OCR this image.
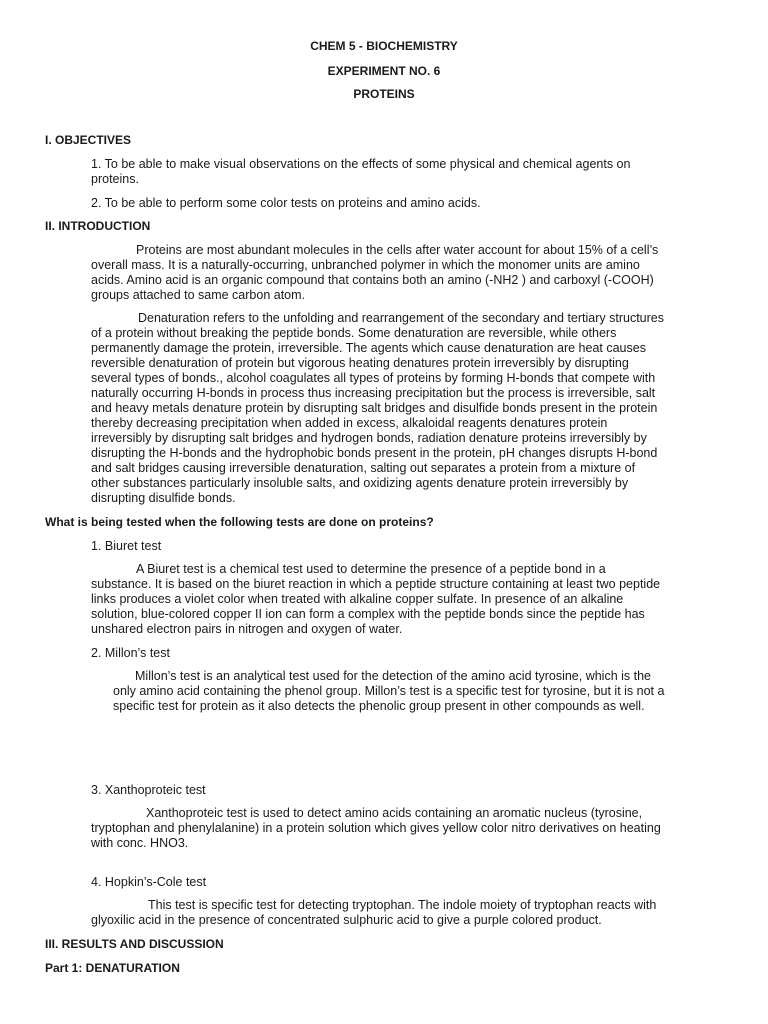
CHEM 5 - BIOCHEMISTRY
EXPERIMENT NO. 6
PROTEINS
I. OBJECTIVES
1. To be able to make visual observations on the effects of some physical and chemical agents on
proteins.
2. To be able to perform some color tests on proteins and amino acids.
II. INTRODUCTION
Proteins are most abundant molecules in the cells after water account for about 15% of a cell’s
overall mass. It is a naturally-occurring, unbranched polymer in which the monomer units are amino
acids. Amino acid is an organic compound that contains both an amino (-NH2 ) and carboxyl (-COOH)
groups attached to same carbon atom.
Denaturation refers to the unfolding and rearrangement of the secondary and tertiary structures
of a protein without breaking the peptide bonds. Some denaturation are reversible, while others
permanently damage the protein, irreversible. The agents which cause denaturation are heat causes
reversible denaturation of protein but vigorous heating denatures protein irreversibly by disrupting
several types of bonds., alcohol coagulates all types of proteins by forming H-bonds that compete with
naturally occurring H-bonds in process thus increasing precipitation but the process is irreversible, salt
and heavy metals denature protein by disrupting salt bridges and disulfide bonds present in the protein
thereby decreasing precipitation when added in excess, alkaloidal reagents denatures protein
irreversibly by disrupting salt bridges and hydrogen bonds, radiation denature proteins irreversibly by
disrupting the H-bonds and the hydrophobic bonds present in the protein, pH changes disrupts H-bond
and salt bridges causing irreversible denaturation, salting out separates a protein from a mixture of
other substances particularly insoluble salts, and oxidizing agents denature protein irreversibly by
disrupting disulfide bonds.
What is being tested when the following tests are done on proteins?
1. Biuret test
A Biuret test is a chemical test used to determine the presence of a peptide bond in a
substance. It is based on the biuret reaction in which a peptide structure containing at least two peptide
links produces a violet color when treated with alkaline copper sulfate. In presence of an alkaline
solution, blue-colored copper II ion can form a complex with the peptide bonds since the peptide has
unshared electron pairs in nitrogen and oxygen of water.
2. Millon’s test
Millon’s test is an analytical test used for the detection of the amino acid tyrosine, which is the
only amino acid containing the phenol group. Millon’s test is a specific test for tyrosine, but it is not a
specific test for protein as it also detects the phenolic group present in other compounds as well.
3. Xanthoproteic test
Xanthoproteic test is used to detect amino acids containing an aromatic nucleus (tyrosine,
tryptophan and phenylalanine) in a protein solution which gives yellow color nitro derivatives on heating
with conc. HNO3.
4. Hopkin’s-Cole test
This test is specific test for detecting tryptophan. The indole moiety of tryptophan reacts with
glyoxilic acid in the presence of concentrated sulphuric acid to give a purple colored product.
III. RESULTS AND DISCUSSION
Part 1: DENATURATION
